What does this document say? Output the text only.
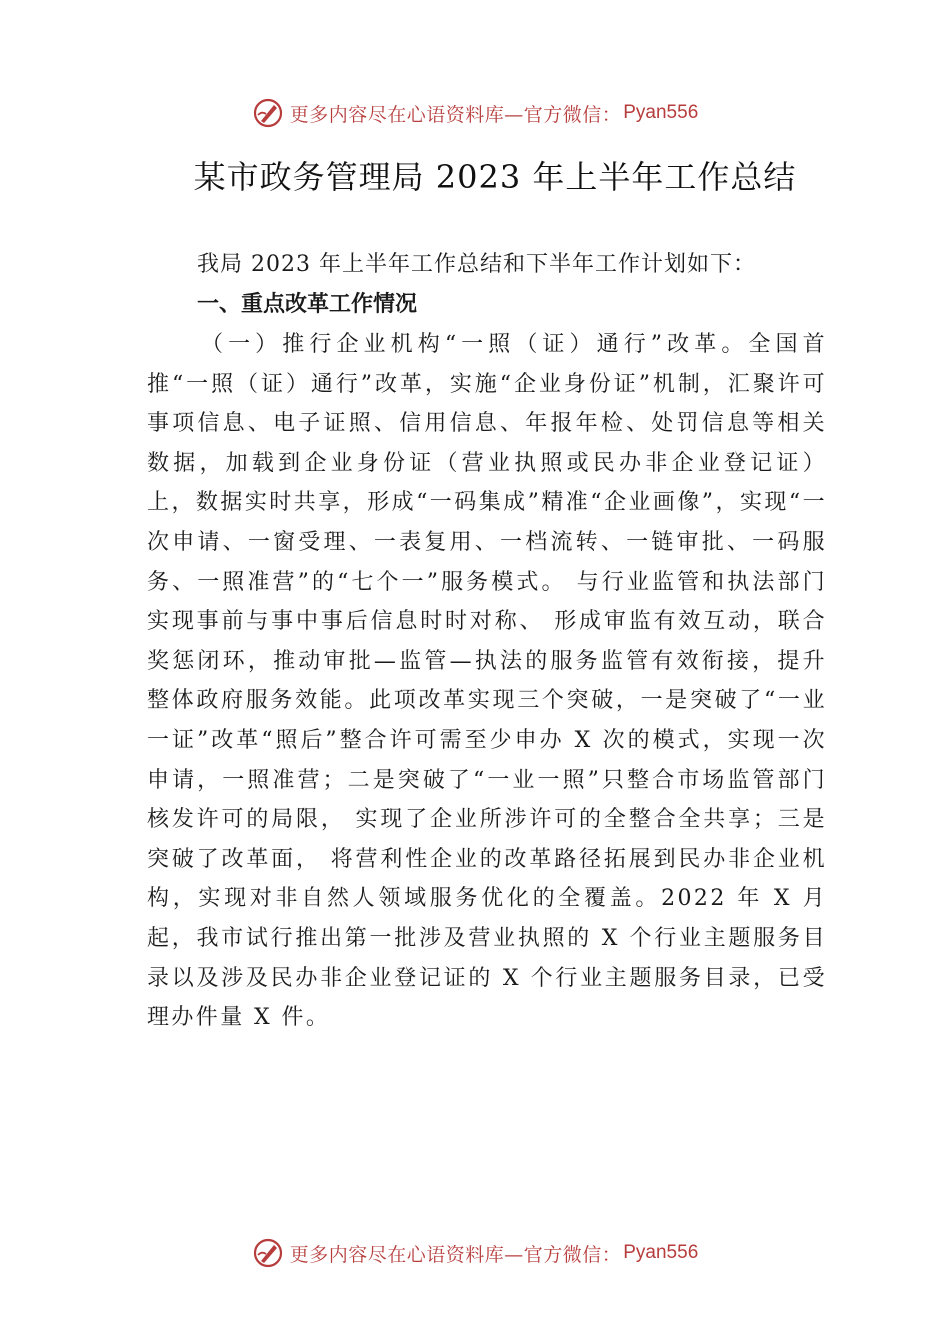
更多内容尽在心语资料库—官方微信： Pyan556
某市政务管理局 2023 年上半年工作总结
我局 2023 年上半年工作总结和下半年工作计划如下：
一、重点改革工作情况

（一）推行企业机构“一照（证）通行”改革。全国首推“一照（证）通行”改革，实施“企业身份证”机制，汇聚许可事项信息、电子证照、信用信息、年报年检、处罚信息等相关数据，加载到企业身份证（营业执照或民办非企业登记证）上，数据实时共享，形成“一码集成”精准“企业画像”，实现“一次申请、一窗受理、一表复用、一档流转、一链审批、一码服务、一照准营”的“七个一”服务模式。 与行业监管和执法部门实现事前与事中事后信息时时对称、 形成审监有效互动，联合奖惩闭环，推动审批—监管—执法的服务监管有效衔接，提升整体政府服务效能。此项改革实现三个突破，一是突破了“一业一证”改革“照后”整合许可需至少申办 X 次的模式，实现一次申请，一照准营；二是突破了“一业一照”只整合市场监管部门核发许可的局限， 实现了企业所涉许可的全整合全共享；三是突破了改革面， 将营利性企业的改革路径拓展到民办非企业机构，实现对非自然人领域服务优化的全覆盖。2022 年 X 月起，我市试行推出第一批涉及营业执照的 X 个行业主题服务目录以及涉及民办非企业登记证的 X 个行业主题服务目录，已受理办件量 X 件。

更多内容尽在心语资料库—官方微信： Pyan556
